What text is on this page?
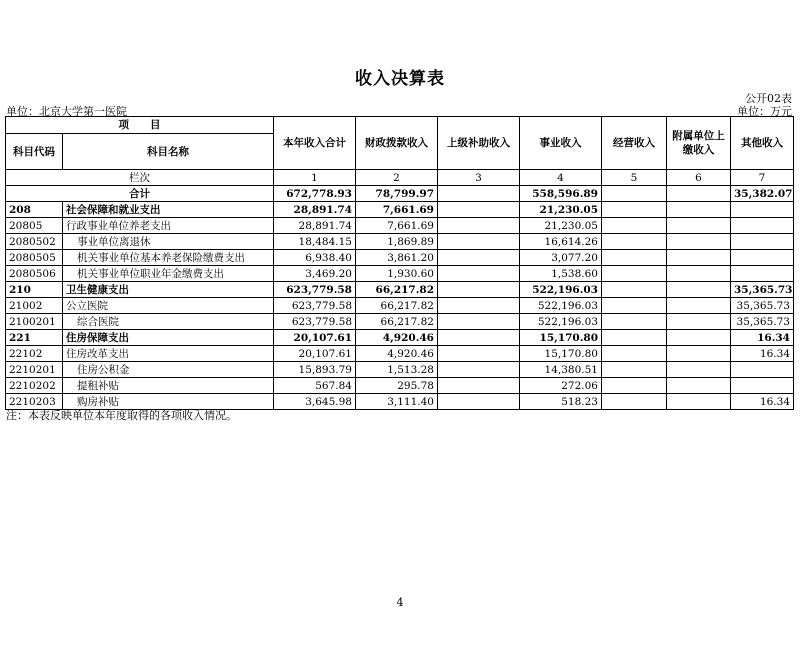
收入决算表
公开02表
单位：北京大学第一医院	单位：万元
项　　目		本年收入合计	财政拨款收入	上级补助收入	事业收入	经营收入	附属单位上缴收入	其他收入
科目代码	科目名称							
栏次		1	2	3	4	5	6	7
合计		672,778.93	78,799.97		558,596.89			35,382.07
208	社会保障和就业支出	28,891.74	7,661.69		21,230.05			
20805	行政事业单位养老支出	28,891.74	7,661.69		21,230.05			
2080502	事业单位离退休	18,484.15	1,869.89		16,614.26			
2080505	机关事业单位基本养老保险缴费支出	6,938.40	3,861.20		3,077.20			
2080506	机关事业单位职业年金缴费支出	3,469.20	1,930.60		1,538.60			
210	卫生健康支出	623,779.58	66,217.82		522,196.03			35,365.73
21002	公立医院	623,779.58	66,217.82		522,196.03			35,365.73
2100201	综合医院	623,779.58	66,217.82		522,196.03			35,365.73
221	住房保障支出	20,107.61	4,920.46		15,170.80			16.34
22102	住房改革支出	20,107.61	4,920.46		15,170.80			16.34
2210201	住房公积金	15,893.79	1,513.28		14,380.51			
2210202	提租补贴	567.84	295.78		272.06			
2210203	购房补贴	3,645.98	3,111.40		518.23			16.34
注：本表反映单位本年度取得的各项收入情况。
4
